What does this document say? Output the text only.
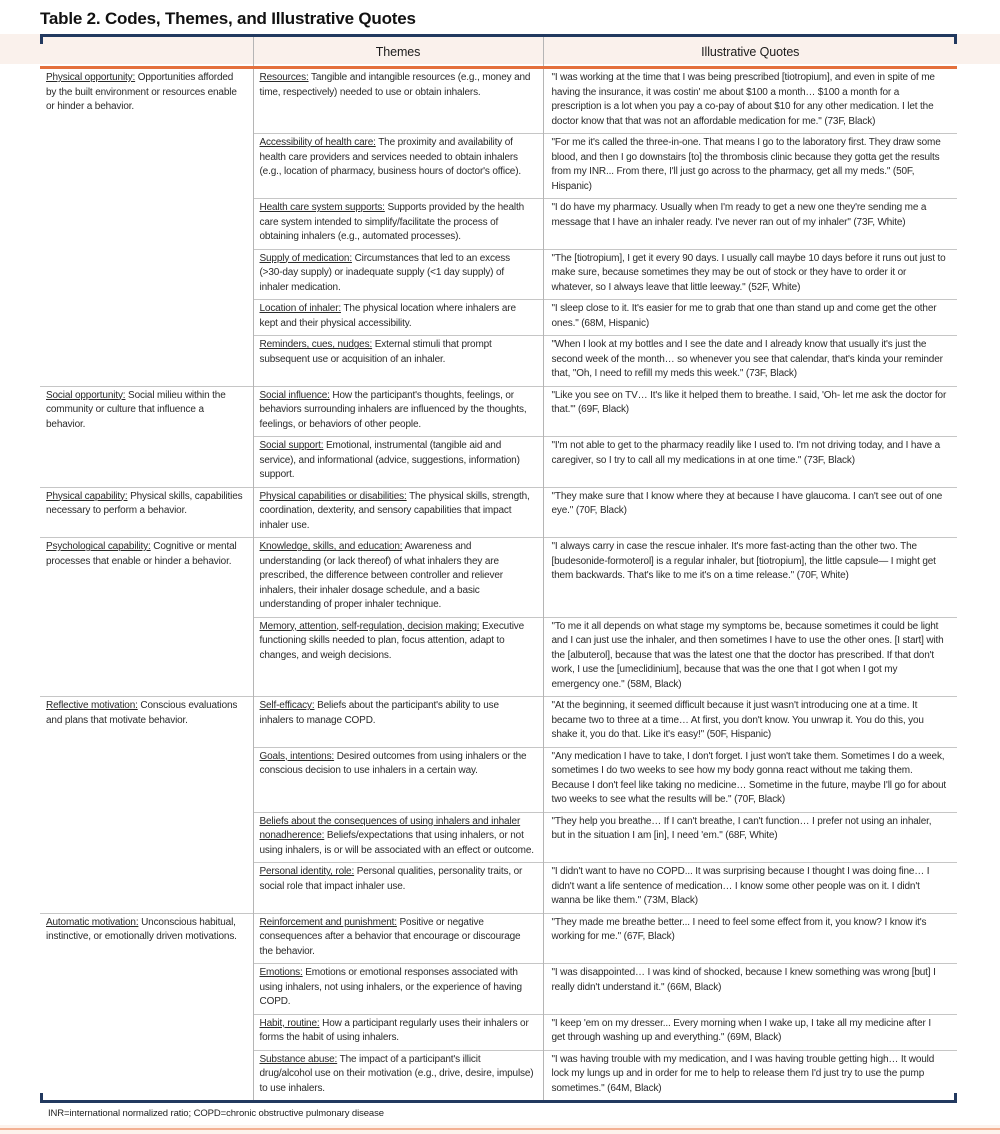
Table 2. Codes, Themes, and Illustrative Quotes
	Themes	Illustrative Quotes
Physical opportunity: Opportunities afforded by the built environment or resources enable or hinder a behavior.	Resources: Tangible and intangible resources (e.g., money and time, respectively) needed to use or obtain inhalers.	"I was working at the time that I was being prescribed [tiotropium], and even in spite of me having the insurance, it was costin' me about $100 a month… $100 a month for a prescription is a lot when you pay a co-pay of about $10 for any other medication. I let the doctor know that that was not an affordable medication for me." (73F, Black)
	Accessibility of health care: The proximity and availability of health care providers and services needed to obtain inhalers (e.g., location of pharmacy, business hours of doctor's office).	"For me it's called the three-in-one. That means I go to the laboratory first. They draw some blood, and then I go downstairs [to] the thrombosis clinic because they gotta get the results from my INR... From there, I'll just go across to the pharmacy, get all my meds." (50F, Hispanic)
	Health care system supports: Supports provided by the health care system intended to simplify/facilitate the process of obtaining inhalers (e.g., automated processes).	"I do have my pharmacy. Usually when I'm ready to get a new one they're sending me a message that I have an inhaler ready. I've never ran out of my inhaler" (73F, White)
	Supply of medication: Circumstances that led to an excess (>30-day supply) or inadequate supply (<1 day supply) of inhaler medication.	"The [tiotropium], I get it every 90 days. I usually call maybe 10 days before it runs out just to make sure, because sometimes they may be out of stock or they have to order it or whatever, so I always leave that little leeway." (52F, White)
	Location of inhaler: The physical location where inhalers are kept and their physical accessibility.	"I sleep close to it. It's easier for me to grab that one than stand up and come get the other ones." (68M, Hispanic)
	Reminders, cues, nudges: External stimuli that prompt subsequent use or acquisition of an inhaler.	"When I look at my bottles and I see the date and I already know that usually it's just the second week of the month… so whenever you see that calendar, that's kinda your reminder that, "Oh, I need to refill my meds this week." (73F, Black)
Social opportunity: Social milieu within the community or culture that influence a behavior.	Social influence: How the participant's thoughts, feelings, or behaviors surrounding inhalers are influenced by the thoughts, feelings, or behaviors of other people.	"Like you see on TV… It's like it helped them to breathe. I said, 'Oh- let me ask the doctor for that.'" (69F, Black)
	Social support: Emotional, instrumental (tangible aid and service), and informational (advice, suggestions, information) support.	"I'm not able to get to the pharmacy readily like I used to. I'm not driving today, and I have a caregiver, so I try to call all my medications in at one time." (73F, Black)
Physical capability: Physical skills, capabilities necessary to perform a behavior.	Physical capabilities or disabilities: The physical skills, strength, coordination, dexterity, and sensory capabilities that impact inhaler use.	"They make sure that I know where they at because I have glaucoma. I can't see out of one eye." (70F, Black)
Psychological capability: Cognitive or mental processes that enable or hinder a behavior.	Knowledge, skills, and education: Awareness and understanding (or lack thereof) of what inhalers they are prescribed, the difference between controller and reliever inhalers, their inhaler dosage schedule, and a basic understanding of proper inhaler technique.	"I always carry in case the rescue inhaler. It's more fast-acting than the other two. The [budesonide-formoterol] is a regular inhaler, but [tiotropium], the little capsule— I might get them backwards. That's like to me it's on a time release." (70F, White)
	Memory, attention, self-regulation, decision making: Executive functioning skills needed to plan, focus attention, adapt to changes, and weigh decisions.	"To me it all depends on what stage my symptoms be, because sometimes it could be light and I can just use the inhaler, and then sometimes I have to use the other ones. [I start] with the [albuterol], because that was the latest one that the doctor has prescribed. If that don't work, I use the [umeclidinium], because that was the one that I got when I got my emergency one." (58M, Black)
Reflective motivation: Conscious evaluations and plans that motivate behavior.	Self-efficacy: Beliefs about the participant's ability to use inhalers to manage COPD.	"At the beginning, it seemed difficult because it just wasn't introducing one at a time. It became two to three at a time… At first, you don't know. You unwrap it. You do this, you shake it, you do that. Like it's easy!" (50F, Hispanic)
	Goals, intentions: Desired outcomes from using inhalers or the conscious decision to use inhalers in a certain way.	"Any medication I have to take, I don't forget. I just won't take them. Sometimes I do a week, sometimes I do two weeks to see how my body gonna react without me taking them. Because I don't feel like taking no medicine… Sometime in the future, maybe I'll go for about two weeks to see what the results will be." (70F, Black)
	Beliefs about the consequences of using inhalers and inhaler nonadherence: Beliefs/expectations that using inhalers, or not using inhalers, is or will be associated with an effect or outcome.	"They help you breathe… If I can't breathe, I can't function… I prefer not using an inhaler, but in the situation I am [in], I need 'em." (68F, White)
	Personal identity, role: Personal qualities, personality traits, or social role that impact inhaler use.	"I didn't want to have no COPD... It was surprising because I thought I was doing fine… I didn't want a life sentence of medication… I know some other people was on it. I didn't wanna be like them." (73M, Black)
Automatic motivation: Unconscious habitual, instinctive, or emotionally driven motivations.	Reinforcement and punishment: Positive or negative consequences after a behavior that encourage or discourage the behavior.	"They made me breathe better... I need to feel some effect from it, you know? I know it's working for me." (67F, Black)
	Emotions: Emotions or emotional responses associated with using inhalers, not using inhalers, or the experience of having COPD.	"I was disappointed… I was kind of shocked, because I knew something was wrong [but] I really didn't understand it." (66M, Black)
	Habit, routine: How a participant regularly uses their inhalers or forms the habit of using inhalers.	"I keep 'em on my dresser... Every morning when I wake up, I take all my medicine after I get through washing up and everything." (69M, Black)
	Substance abuse: The impact of a participant's illicit drug/alcohol use on their motivation (e.g., drive, desire, impulse) to use inhalers.	"I was having trouble with my medication, and I was having trouble getting high… It would lock my lungs up and in order for me to help to release them I'd just try to use the pump sometimes." (64M, Black)
INR=international normalized ratio; COPD=chronic obstructive pulmonary disease
